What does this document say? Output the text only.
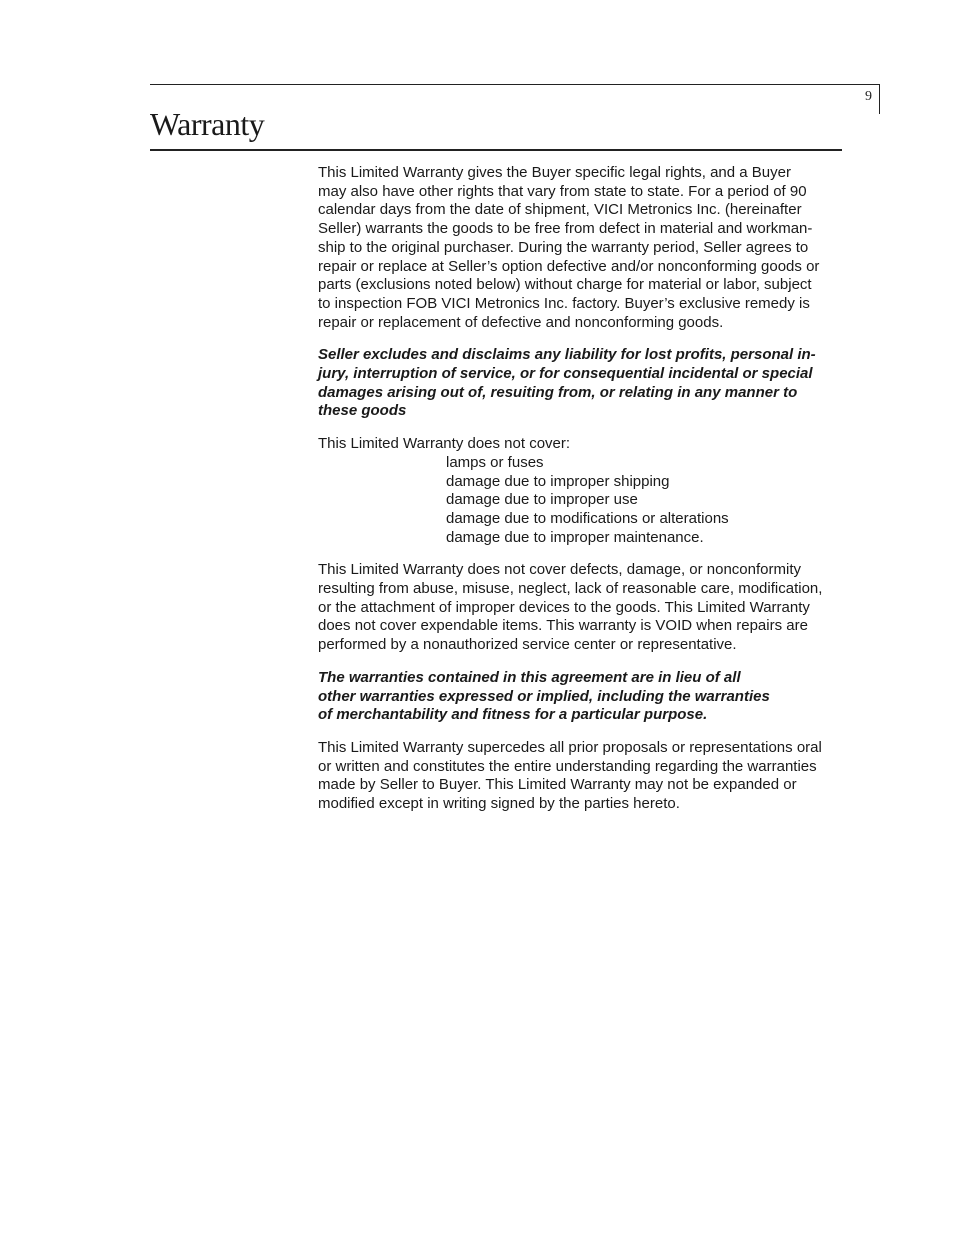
9
Warranty

This Limited Warranty gives the Buyer specific legal rights, and a Buyer
may also have other rights that vary from state to state. For a period of 90
calendar days from the date of shipment, VICI Metronics Inc. (hereinafter
Seller) warrants the goods to be free from defect in material and workman-
ship to the original purchaser. During the warranty period, Seller agrees to
repair or replace at Seller’s option defective and/or nonconforming goods or
parts (exclusions noted below) without charge for material or labor, subject
to inspection FOB VICI Metronics Inc. factory. Buyer’s exclusive remedy is
repair or replacement of defective and nonconforming goods.

Seller excludes and disclaims any liability for lost profits, personal in-
jury, interruption of service, or for consequential incidental or special
damages arising out of, resuiting from, or relating in any manner to
these goods

This Limited Warranty does not cover:
lamps or fuses
damage due to improper shipping
damage due to improper use
damage due to modifications or alterations
damage due to improper maintenance.

This Limited Warranty does not cover defects, damage, or nonconformity
resulting from abuse, misuse, neglect, lack of reasonable care, modification,
or the attachment of improper devices to the goods. This Limited Warranty
does not cover expendable items. This warranty is VOID when repairs are
performed by a nonauthorized service center or representative.

The warranties contained in this agreement are in lieu of all
other warranties expressed or implied, including the warranties
of merchantability and fitness for a particular purpose.

This Limited Warranty supercedes all prior proposals or representations oral
or written and constitutes the entire understanding regarding the warranties
made by Seller to Buyer. This Limited Warranty may not be expanded or
modified except in writing signed by the parties hereto.
